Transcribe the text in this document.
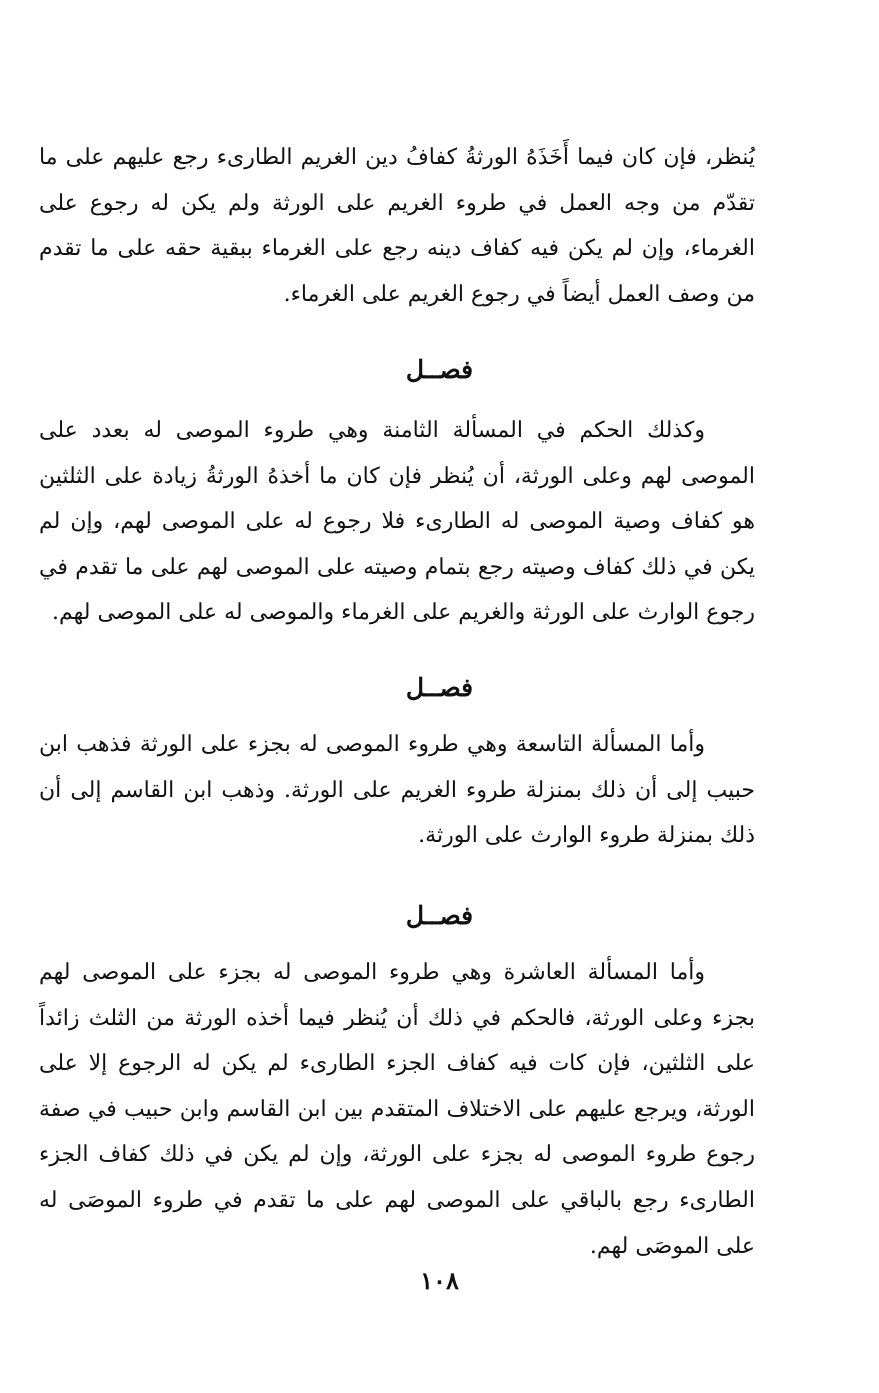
يُنظر، فإن كان فيما أَخَذَهُ الورثةُ كفافُ دين الغريم الطارىء رجع عليهم على ما تقدّم من وجه العمل في طروء الغريم على الورثة ولم يكن له رجوع على الغرماء، وإن لم يكن فيه كفاف دينه رجع على الغرماء ببقية حقه على ما تقدم من وصف العمل أيضاً في رجوع الغريم على الغرماء.

فصــل

وكذلك الحكم في المسألة الثامنة وهي طروء الموصى له بعدد على الموصى لهم وعلى الورثة، أن يُنظر فإن كان ما أخذهُ الورثةُ زيادة على الثلثين هو كفاف وصية الموصى له الطارىء فلا رجوع له على الموصى لهم، وإن لم يكن في ذلك كفاف وصيته رجع بتمام وصيته على الموصى لهم على ما تقدم في رجوع الوارث على الورثة والغريم على الغرماء والموصى له على الموصى لهم.

فصــل

وأما المسألة التاسعة وهي طروء الموصى له بجزء على الورثة فذهب ابن حبيب إلى أن ذلك بمنزلة طروء الغريم على الورثة. وذهب ابن القاسم إلى أن ذلك بمنزلة طروء الوارث على الورثة.

فصــل

وأما المسألة العاشرة وهي طروء الموصى له بجزء على الموصى لهم بجزء وعلى الورثة، فالحكم في ذلك أن يُنظر فيما أخذه الورثة من الثلث زائداً على الثلثين، فإن كات فيه كفاف الجزء الطارىء لم يكن له الرجوع إلا على الورثة، ويرجع عليهم على الاختلاف المتقدم بين ابن القاسم وابن حبيب في صفة رجوع طروء الموصى له بجزء على الورثة، وإن لم يكن في ذلك كفاف الجزء الطارىء رجع بالباقي على الموصى لهم على ما تقدم في طروء الموصَى له على الموصَى لهم.

١٠٨
